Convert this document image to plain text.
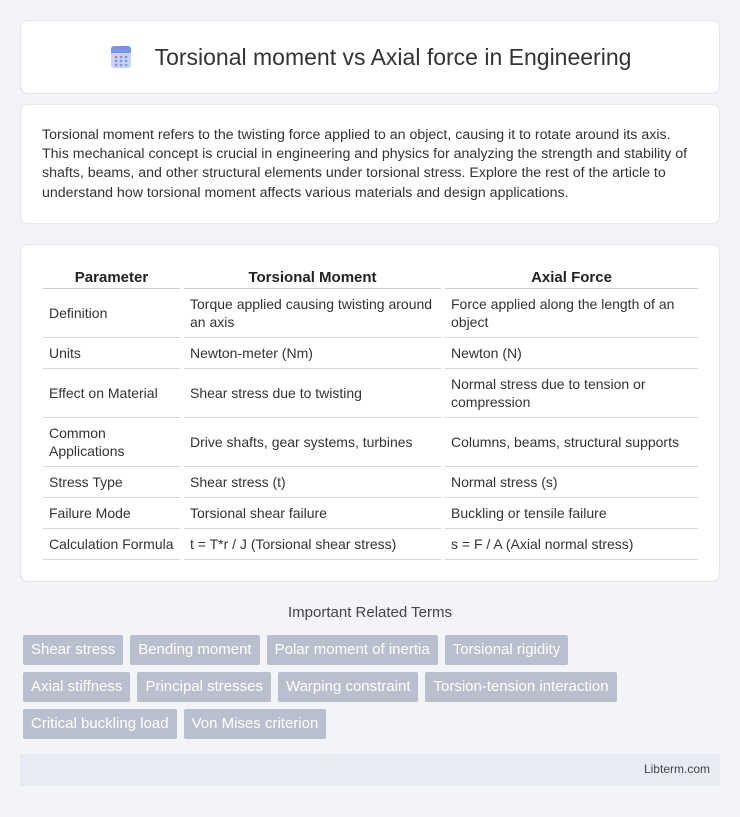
Torsional moment vs Axial force in Engineering

Torsional moment refers to the twisting force applied to an object, causing it to rotate around its axis. This mechanical concept is crucial in engineering and physics for analyzing the strength and stability of shafts, beams, and other structural elements under torsional stress. Explore the rest of the article to understand how torsional moment affects various materials and design applications.

Parameter		Torsional Moment		Axial Force
Definition		Torque applied causing twisting around an axis		Force applied along the length of an object
Units		Newton-meter (Nm)		Newton (N)
Effect on Material		Shear stress due to twisting		Normal stress due to tension or compression
Common Applications		Drive shafts, gear systems, turbines		Columns, beams, structural supports
Stress Type		Shear stress (t)		Normal stress (s)
Failure Mode		Torsional shear failure		Buckling or tensile failure
Calculation Formula		t = T*r / J (Torsional shear stress)		s = F / A (Axial normal stress)
Important Related Terms
Shear stress	Bending moment	Polar moment of inertia	Torsional rigidity
Axial stiffness	Principal stresses	Warping constraint	Torsion-tension interaction
Critical buckling load	Von Mises criterion
Libterm.com
